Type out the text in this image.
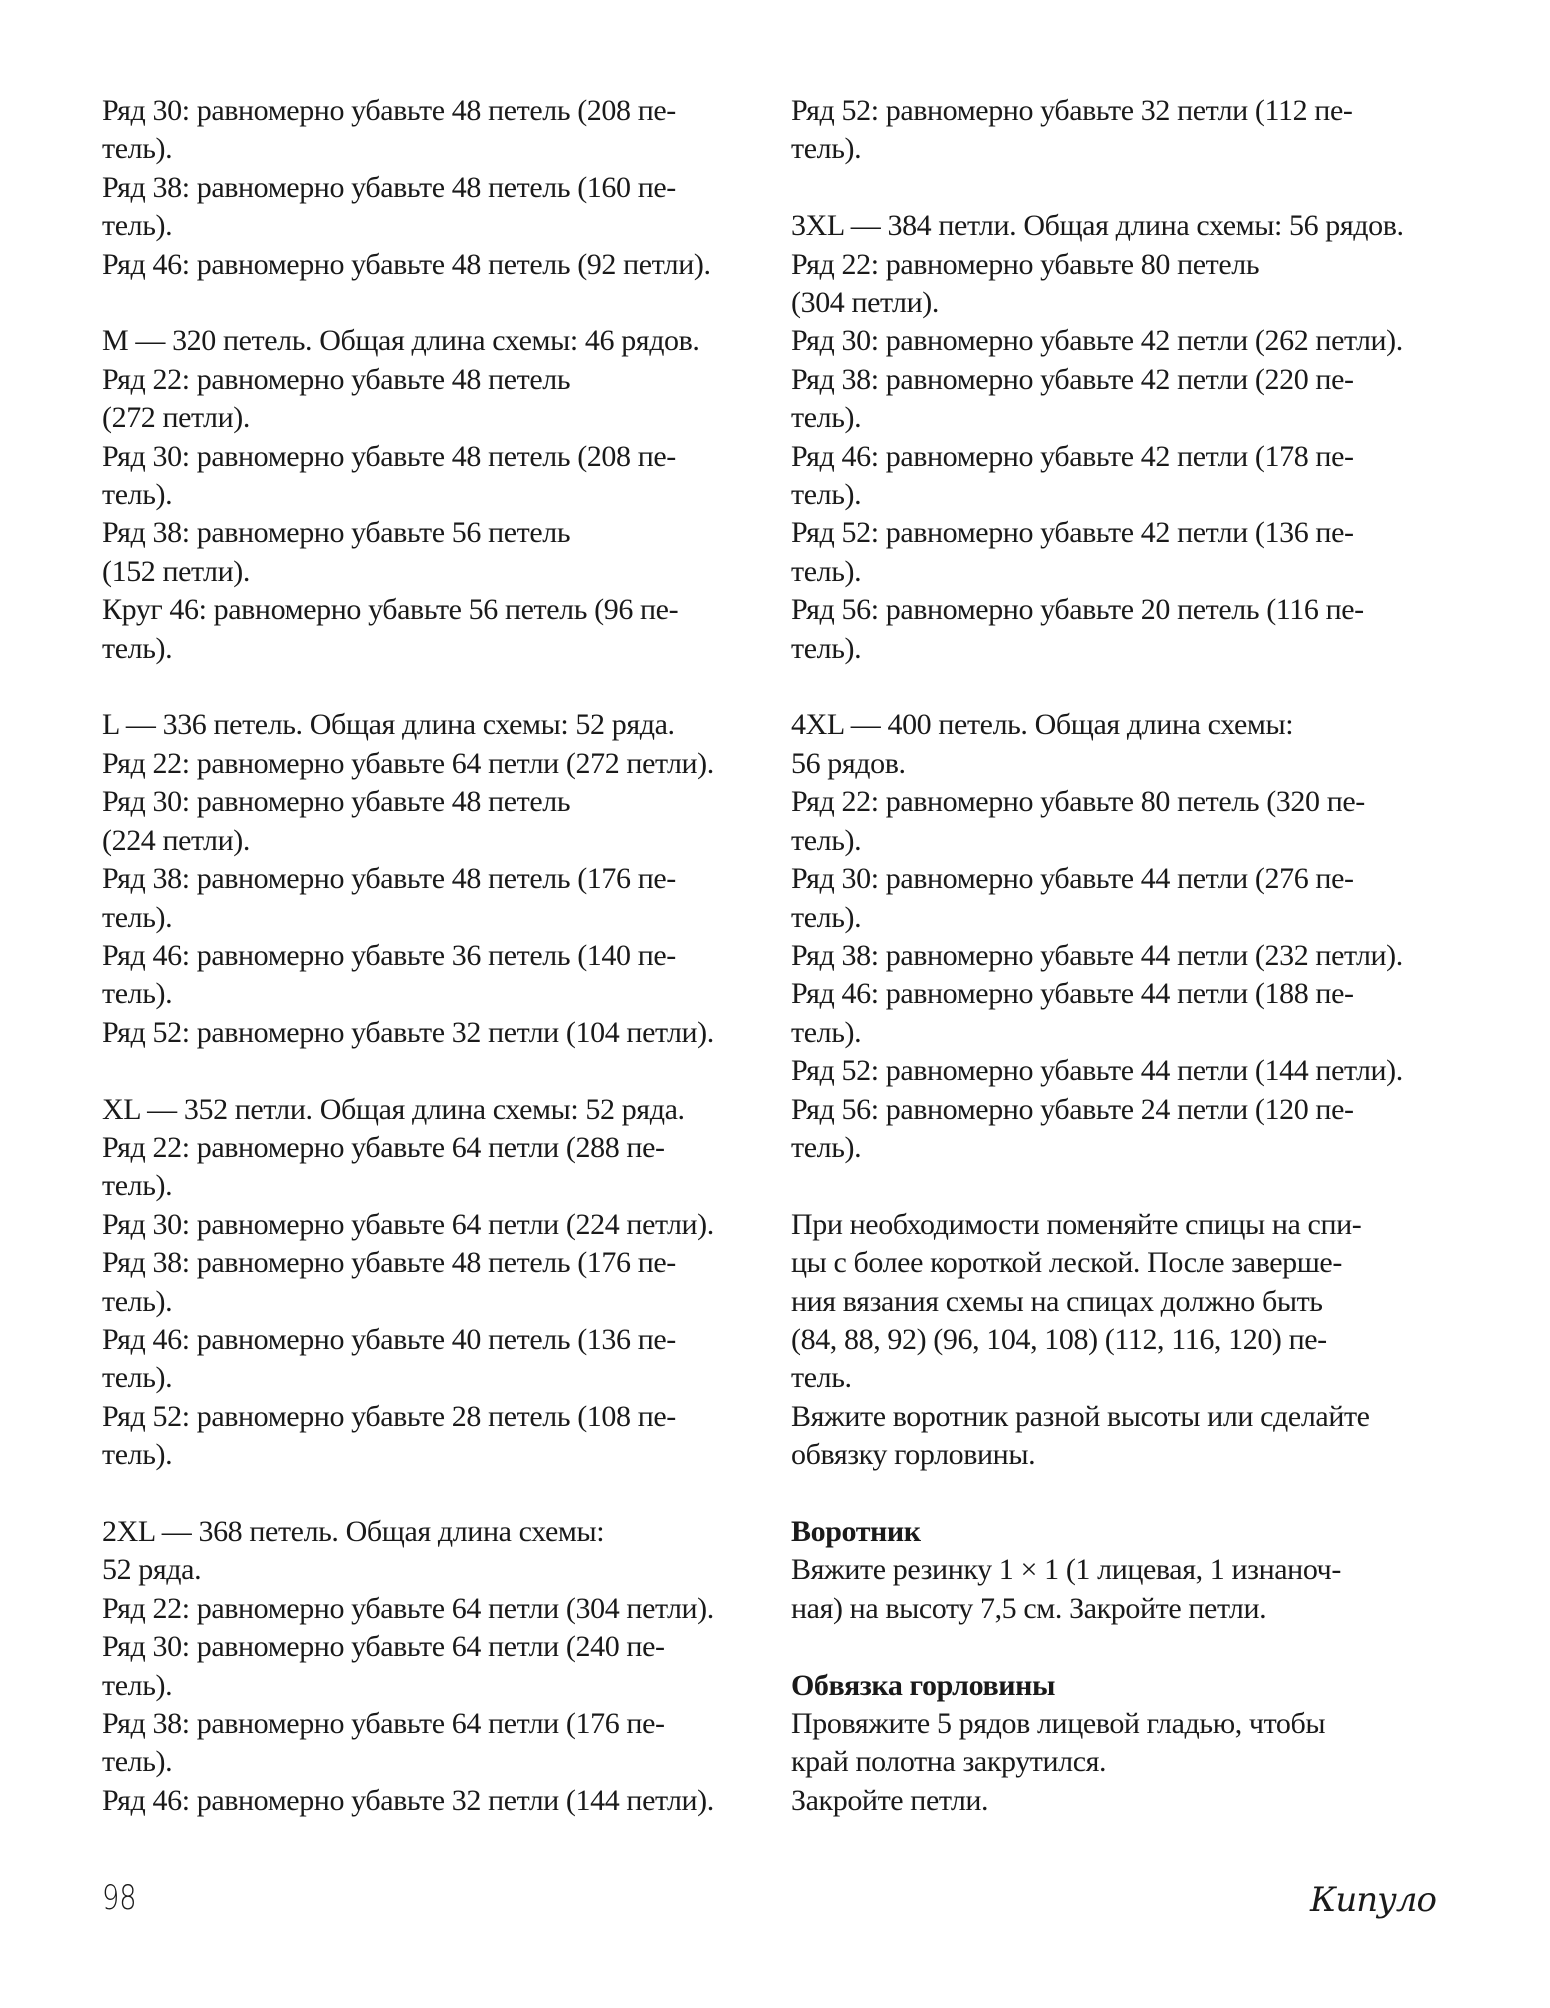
Ряд 30: равномерно убавьте 48 петель (208 пе-
тель).
Ряд 38: равномерно убавьте 48 петель (160 пе-
тель).
Ряд 46: равномерно убавьте 48 петель (92 петли).
М — 320 петель. Общая длина схемы: 46 рядов.
Ряд 22: равномерно убавьте 48 петель
(272 петли).
Ряд 30: равномерно убавьте 48 петель (208 пе-
тель).
Ряд 38: равномерно убавьте 56 петель
(152 петли).
Круг 46: равномерно убавьте 56 петель (96 пе-
тель).
L — 336 петель. Общая длина схемы: 52 ряда.
Ряд 22: равномерно убавьте 64 петли (272 петли).
Ряд 30: равномерно убавьте 48 петель
(224 петли).
Ряд 38: равномерно убавьте 48 петель (176 пе-
тель).
Ряд 46: равномерно убавьте 36 петель (140 пе-
тель).
Ряд 52: равномерно убавьте 32 петли (104 петли).
XL — 352 петли. Общая длина схемы: 52 ряда.
Ряд 22: равномерно убавьте 64 петли (288 пе-
тель).
Ряд 30: равномерно убавьте 64 петли (224 петли).
Ряд 38: равномерно убавьте 48 петель (176 пе-
тель).
Ряд 46: равномерно убавьте 40 петель (136 пе-
тель).
Ряд 52: равномерно убавьте 28 петель (108 пе-
тель).
2XL — 368 петель. Общая длина схемы:
52 ряда.
Ряд 22: равномерно убавьте 64 петли (304 петли).
Ряд 30: равномерно убавьте 64 петли (240 пе-
тель).
Ряд 38: равномерно убавьте 64 петли (176 пе-
тель).
Ряд 46: равномерно убавьте 32 петли (144 петли).
Ряд 52: равномерно убавьте 32 петли (112 пе-
тель).
3XL — 384 петли. Общая длина схемы: 56 рядов.
Ряд 22: равномерно убавьте 80 петель
(304 петли).
Ряд 30: равномерно убавьте 42 петли (262 петли).
Ряд 38: равномерно убавьте 42 петли (220 пе-
тель).
Ряд 46: равномерно убавьте 42 петли (178 пе-
тель).
Ряд 52: равномерно убавьте 42 петли (136 пе-
тель).
Ряд 56: равномерно убавьте 20 петель (116 пе-
тель).
4XL — 400 петель. Общая длина схемы:
56 рядов.
Ряд 22: равномерно убавьте 80 петель (320 пе-
тель).
Ряд 30: равномерно убавьте 44 петли (276 пе-
тель).
Ряд 38: равномерно убавьте 44 петли (232 петли).
Ряд 46: равномерно убавьте 44 петли (188 пе-
тель).
Ряд 52: равномерно убавьте 44 петли (144 петли).
Ряд 56: равномерно убавьте 24 петли (120 пе-
тель).
При необходимости поменяйте спицы на спи-
цы с более короткой леской. После заверше-
ния вязания схемы на спицах должно быть
(84, 88, 92) (96, 104, 108) (112, 116, 120) пе-
тель.
Вяжите воротник разной высоты или сделайте
обвязку горловины.
Воротник
Вяжите резинку 1 × 1 (1 лицевая, 1 изнаноч-
ная) на высоту 7,5 см. Закройте петли.
Обвязка горловины
Провяжите 5 рядов лицевой гладью, чтобы
край полотна закрутился.
Закройте петли.
98	Кипуло
